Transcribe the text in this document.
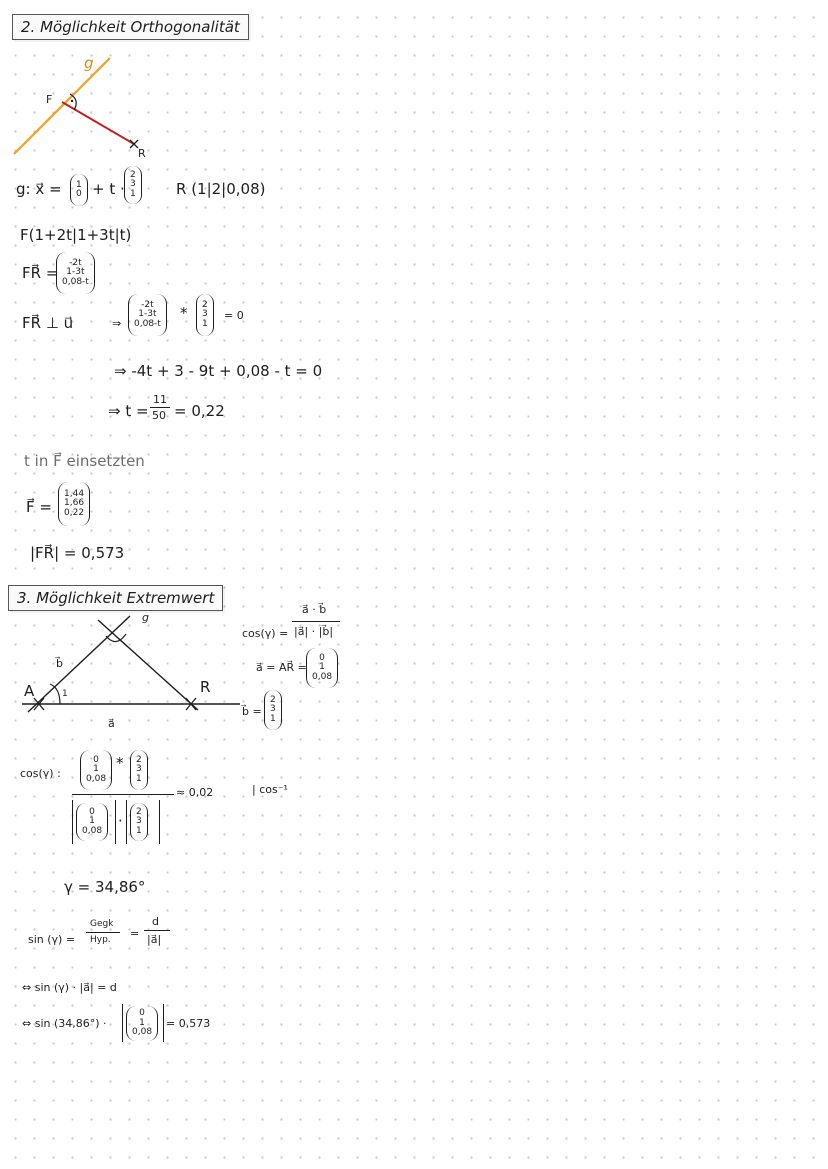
2. Möglichkeit Orthogonalität
g
F
R
g: x⃗ = 1
0 + t ·
2
3
1	R (1|2|0,08)
F(1+2t|1+3t|t)
FR⃗ =
-2t
1-3t
0,08-t
FR⃗ ⊥ u⃗	⇒
-2t
1-3t
0,08-t
* 2
3
1
= 0
⇒ -4t + 3 - 9t + 0,08 - t = 0
⇒ t =
11
50 = 0,22
t in F⃗ einsetzten
F⃗ =
1,44
1,66
0,22
|FR⃗| = 0,573
3. Möglichkeit Extremwert
g
A	R
b⃗
1
a⃗
a⃗ · b⃗
cos(γ) = |a⃗| · |b⃗|
a⃗ = AR⃗ =
0
1
0,08
b⃗ =
2
3
1
cos(γ) :
0
1
0,08
* 2
3
1
≈ 0,02
0
1
0,08
·
2
3
1
| cos⁻¹
γ = 34,86°
sin (γ) =
Gegk
Hyp. =
d
|a⃗|
⇔ sin (γ) · |a⃗| = d
⇔ sin (34,86°) ·
0
1
0,08
= 0,573
